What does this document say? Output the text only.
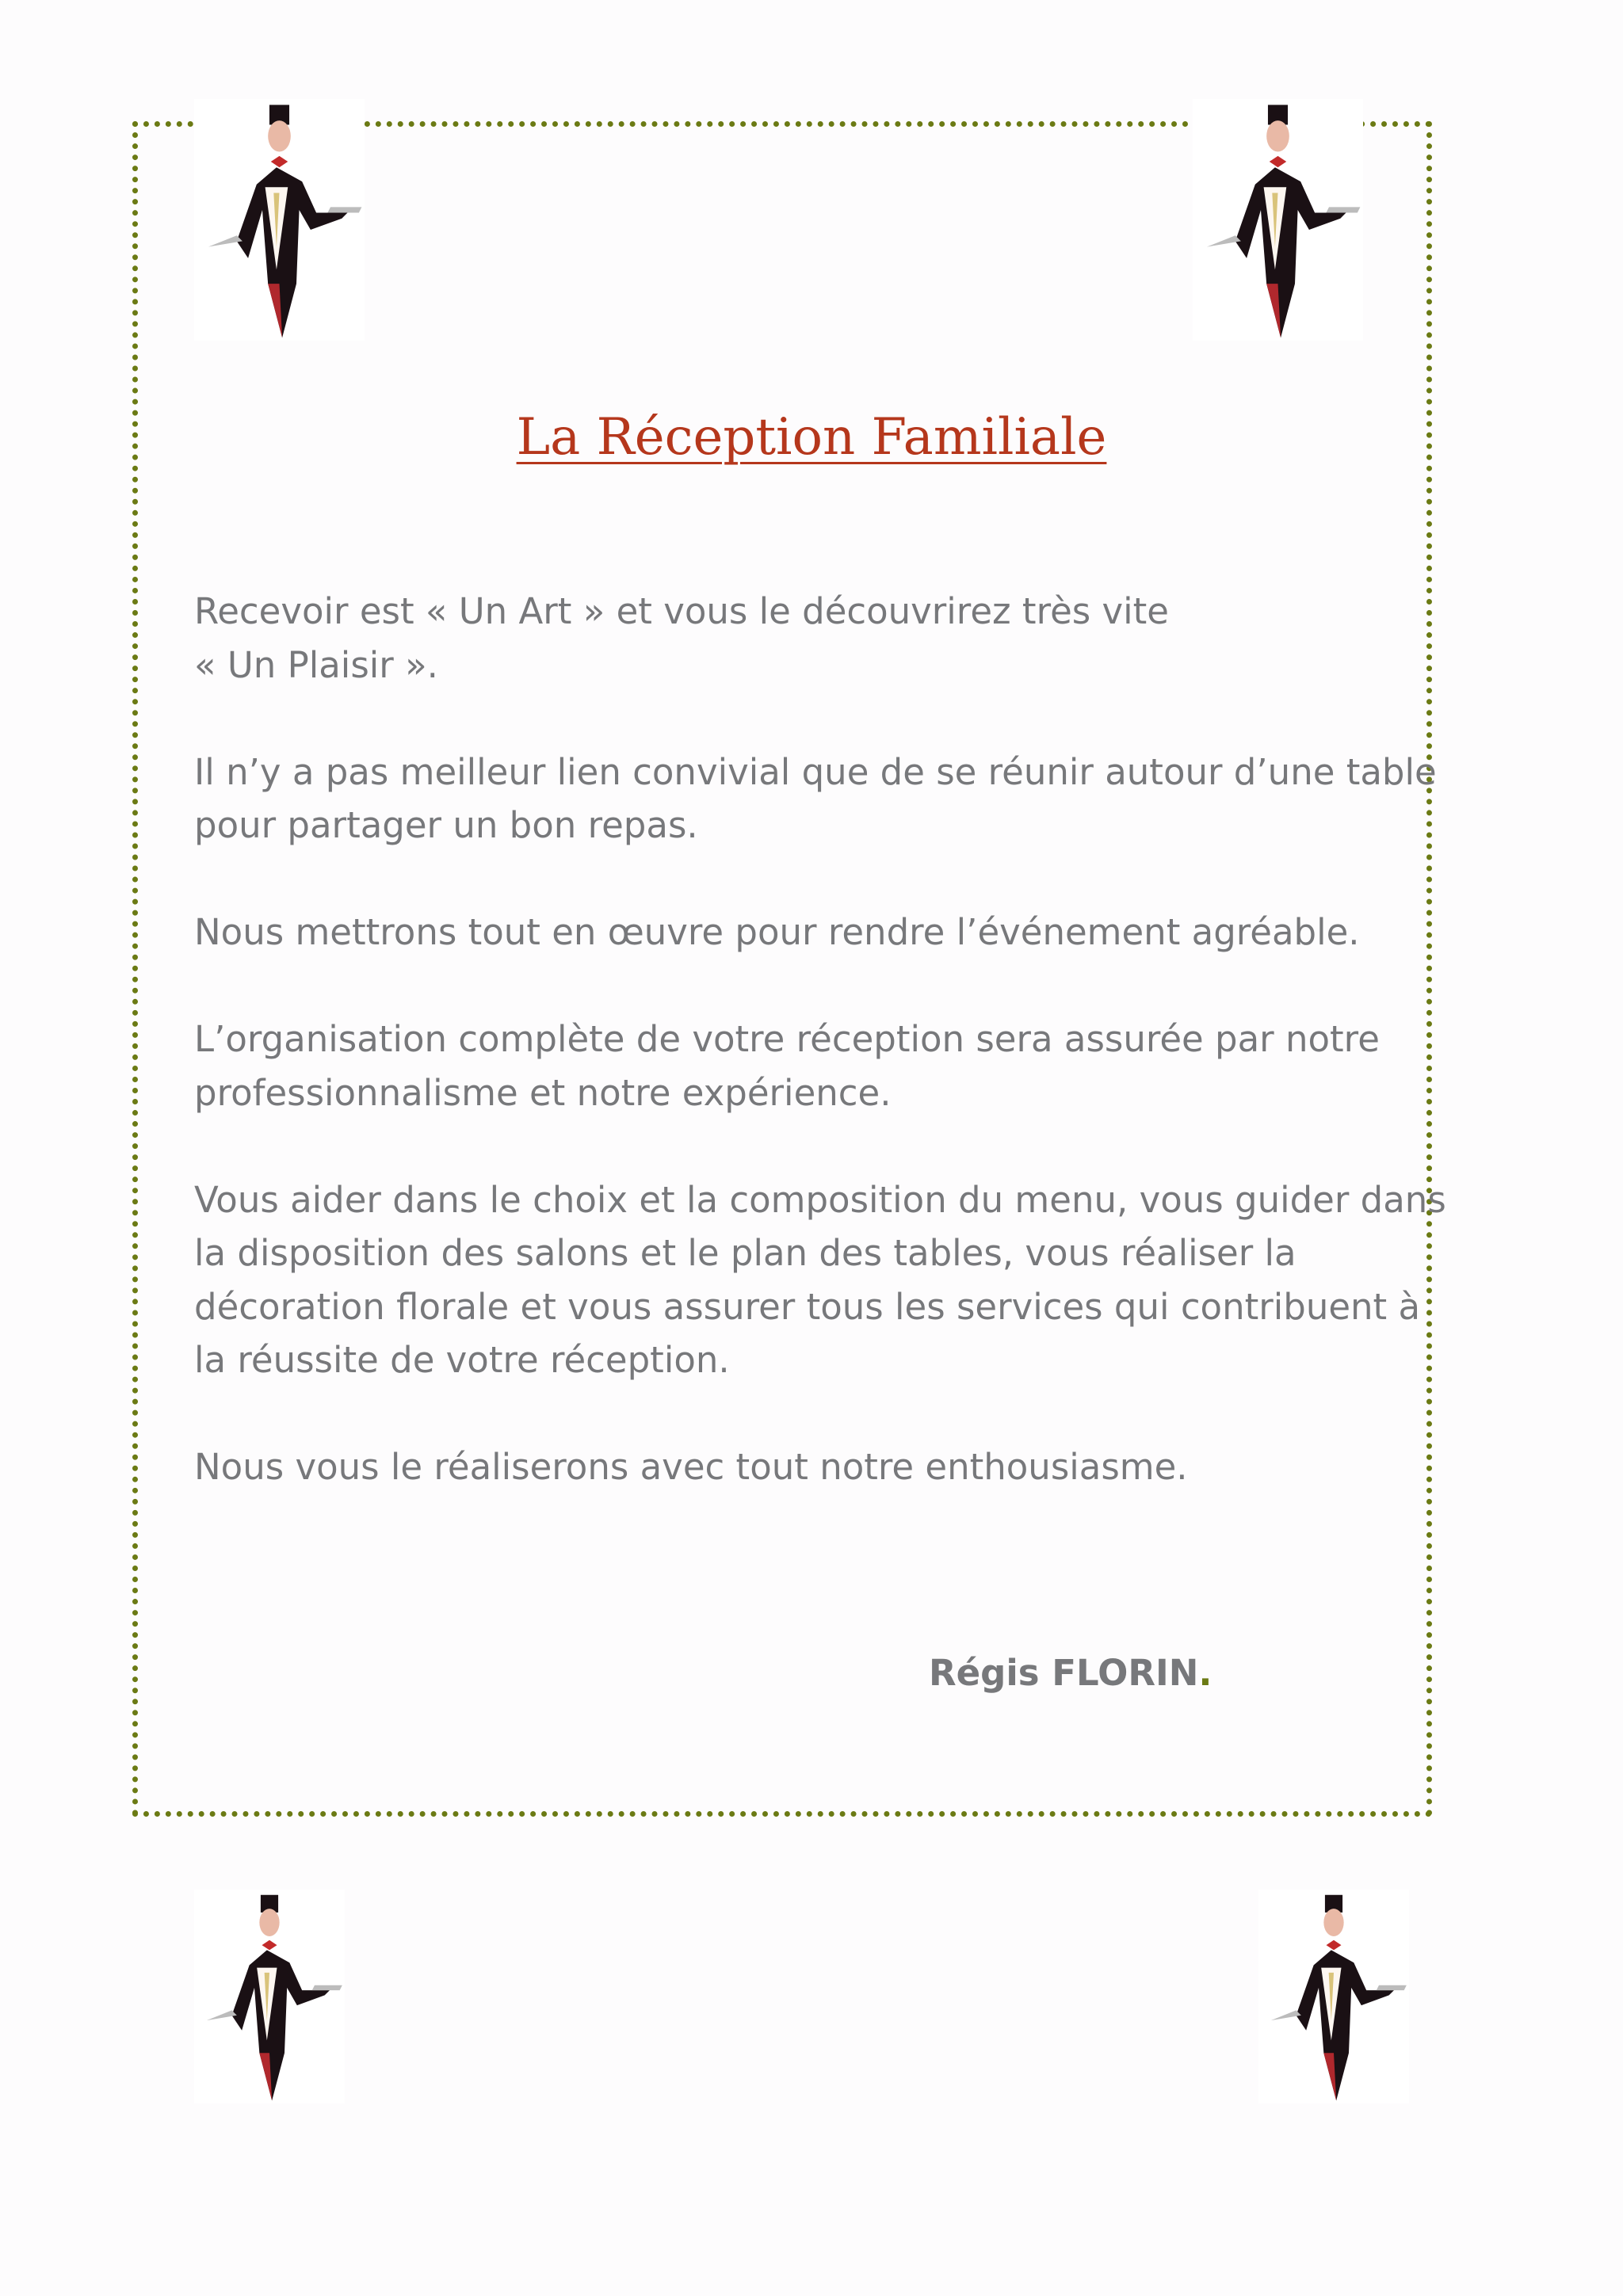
La Réception Familiale

Recevoir est « Un Art » et vous le découvrirez très vite
« Un Plaisir ».

Il n’y a pas meilleur lien convivial que de se réunir autour d’une table
pour partager un bon repas.

Nous mettrons tout en œuvre pour rendre l’événement agréable.

L’organisation complète de votre réception sera assurée par notre
professionnalisme et notre expérience.

Vous aider dans le choix et la composition du menu, vous guider dans
la disposition des salons et le plan des tables, vous réaliser la
décoration florale et vous assurer tous les services qui contribuent à
la réussite de votre réception.

Nous vous le réaliserons avec tout notre enthousiasme.

Régis FLORIN.
